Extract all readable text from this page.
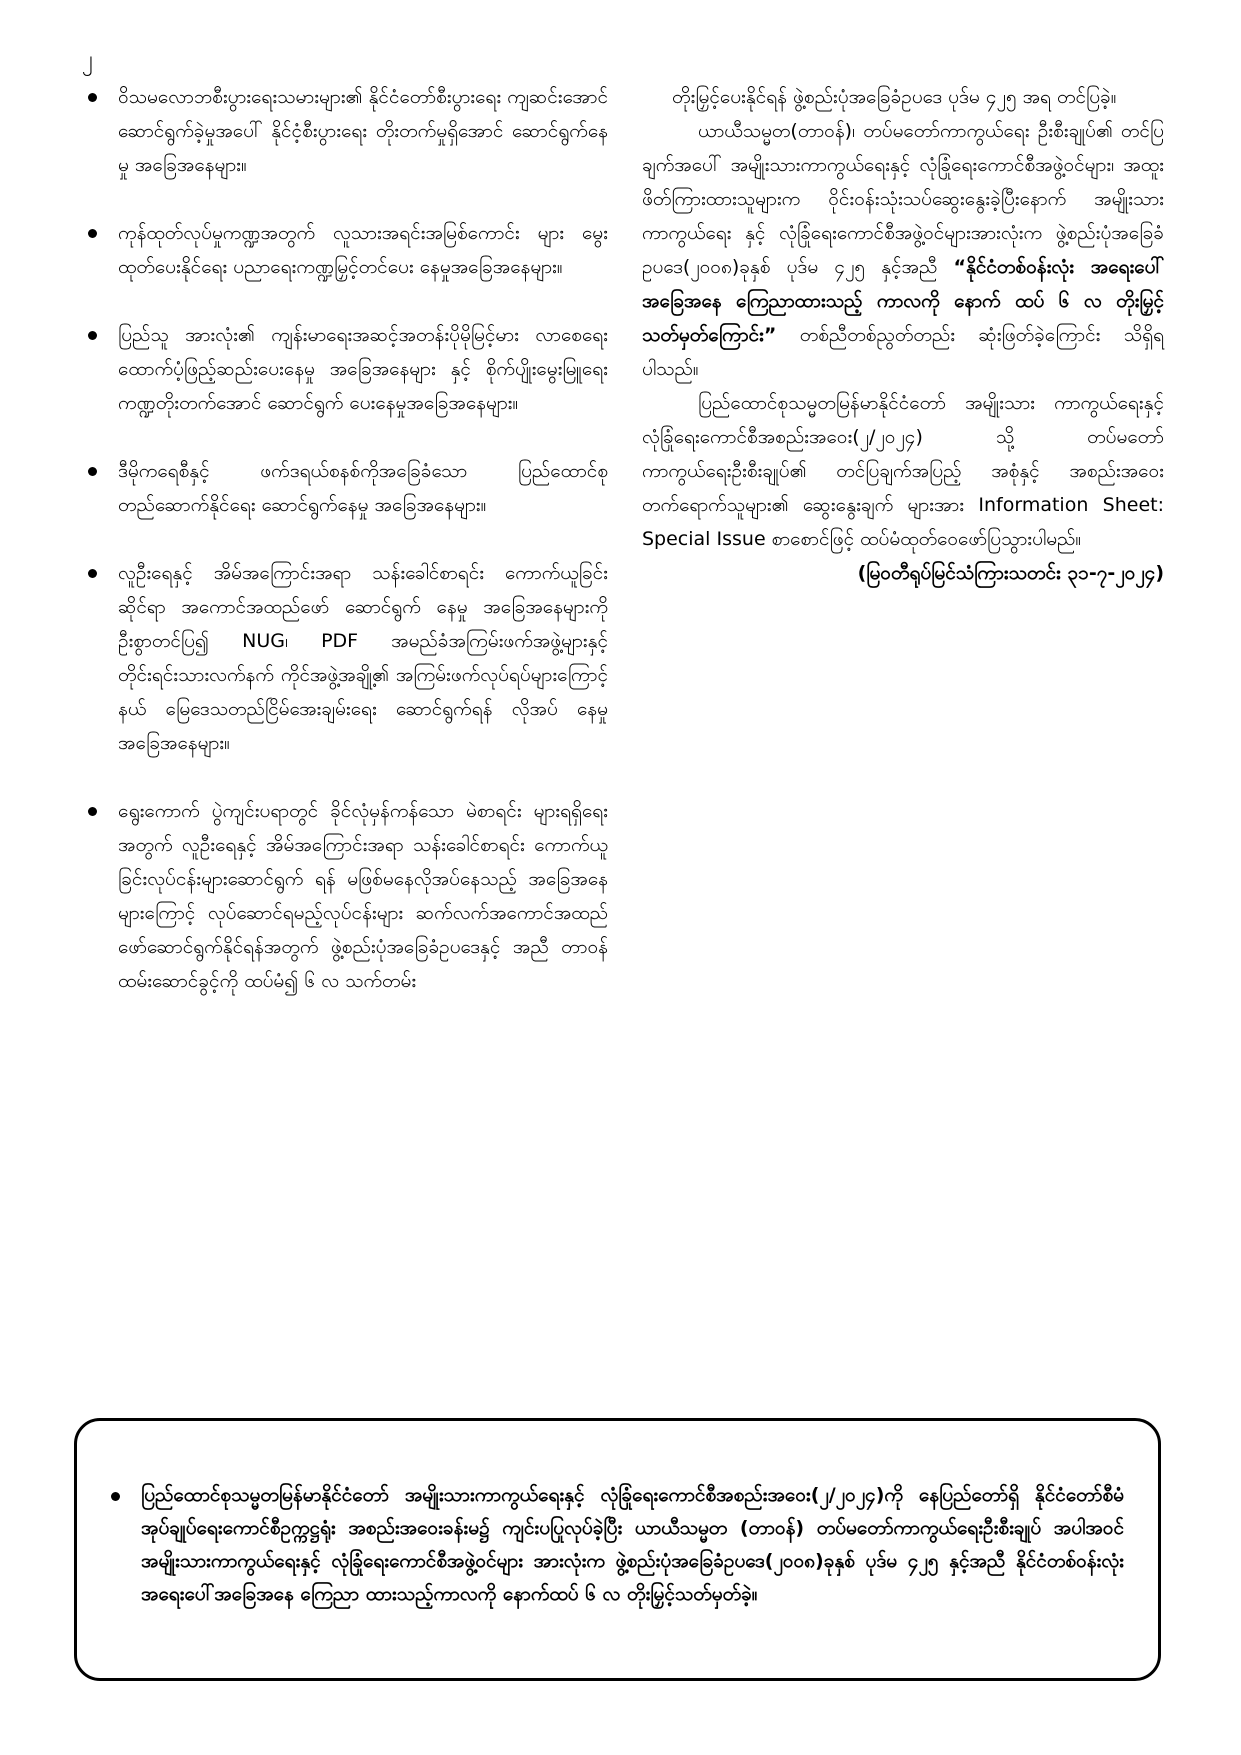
၂
ဝိသမလောဘစီးပွားရေးသမားများ၏ နိုင်ငံတော်စီးပွားရေး ကျဆင်းအောင် ဆောင်ရွက်ခဲ့မှုအပေါ် နိုင်ငံ့စီးပွားရေး တိုးတက်မှုရှိအောင် ဆောင်ရွက်နေမှု အခြေအနေများ။
ကုန်ထုတ်လုပ်မှုကဏ္ဍအတွက် လူသားအရင်းအမြစ်ကောင်း များ မွေးထုတ်ပေးနိုင်ရေး ပညာရေးကဏ္ဍမြှင့်တင်ပေး နေမှုအခြေအနေများ။
ပြည်သူ အားလုံး၏ ကျန်းမာရေးအဆင့်အတန်းပိုမိုမြင့်မား လာစေရေး ထောက်ပံ့ဖြည့်ဆည်းပေးနေမှု အခြေအနေများ နှင့် စိုက်ပျိုးမွေးမြူရေးကဏ္ဍတိုးတက်အောင် ဆောင်ရွက် ပေးနေမှုအခြေအနေများ။
ဒီမိုကရေစီနှင့် ဖက်ဒရယ်စနစ်ကိုအခြေခံသော ပြည်ထောင်စု တည်ဆောက်နိုင်ရေး ဆောင်ရွက်နေမှု အခြေအနေများ။
လူဦးရေနှင့် အိမ်အကြောင်းအရာ သန်းခေါင်စာရင်း ကောက်ယူခြင်းဆိုင်ရာ အကောင်အထည်ဖော် ဆောင်ရွက် နေမှု အခြေအနေများကို ဦးစွာတင်ပြ၍ NUG၊ PDF အမည်ခံအကြမ်းဖက်အဖွဲ့များနှင့် တိုင်းရင်းသားလက်နက် ကိုင်အဖွဲ့အချို့၏ အကြမ်းဖက်လုပ်ရပ်များကြောင့် နယ် မြေဒေသတည်ငြိမ်အေးချမ်းရေး ဆောင်ရွက်ရန် လိုအပ် နေမှုအခြေအနေများ။
ရွေးကောက် ပွဲကျင်းပရာတွင် ခိုင်လုံမှန်ကန်သော မဲစာရင်း များရရှိရေးအတွက် လူဦးရေနှင့် အိမ်အကြောင်းအရာ သန်းခေါင်စာရင်း ကောက်ယူခြင်းလုပ်ငန်းများဆောင်ရွက် ရန် မဖြစ်မနေလိုအပ်နေသည့် အခြေအနေများကြောင့် လုပ်ဆောင်ရမည့်လုပ်ငန်းများ ဆက်လက်အကောင်အထည် ဖော်ဆောင်ရွက်နိုင်ရန်အတွက် ဖွဲ့စည်းပုံအခြေခံဥပဒေနှင့် အညီ တာဝန်ထမ်းဆောင်ခွင့်ကို ထပ်မံ၍ ၆ လ သက်တမ်း

တိုးမြှင့်ပေးနိုင်ရန် ဖွဲ့စည်းပုံအခြေခံဥပဒေ ပုဒ်မ ၄၂၅ အရ တင်ပြခဲ့။

ယာယီသမ္မတ(တာဝန်)၊ တပ်မတော်ကာကွယ်ရေး ဦးစီးချုပ်၏ တင်ပြချက်အပေါ် အမျိုးသားကာကွယ်ရေးနှင့် လုံခြုံရေးကောင်စီအဖွဲ့ဝင်များ၊ အထူးဖိတ်ကြားထားသူများက ဝိုင်းဝန်းသုံးသပ်ဆွေးနွေးခဲ့ပြီးနောက် အမျိုးသားကာကွယ်ရေး နှင့် လုံခြုံရေးကောင်စီအဖွဲ့ဝင်များအားလုံးက ဖွဲ့စည်းပုံအခြေခံ ဥပဒေ(၂၀၀၈)ခုနှစ် ပုဒ်မ ၄၂၅ နှင့်အညီ “နိုင်ငံတစ်ဝန်းလုံး အရေးပေါ်အခြေအနေ ကြေညာထားသည့် ကာလကို နောက် ထပ် ၆ လ တိုးမြှင့်သတ်မှတ်ကြောင်း” တစ်ညီတစ်ညွတ်တည်း ဆုံးဖြတ်ခဲ့ကြောင်း သိရှိရပါသည်။

ပြည်ထောင်စုသမ္မတမြန်မာနိုင်ငံတော် အမျိုးသား ကာကွယ်ရေးနှင့် လုံခြုံရေးကောင်စီအစည်းအဝေး(၂/၂၀၂၄) သို့ တပ်မတော်ကာကွယ်ရေးဦးစီးချုပ်၏ တင်ပြချက်အပြည့် အစုံနှင့် အစည်းအဝေးတက်ရောက်သူများ၏ ဆွေးနွေးချက် များအား Information Sheet: Special Issue စာစောင်ဖြင့် ထပ်မံထုတ်ဝေဖော်ပြသွားပါမည်။

(မြဝတီရုပ်မြင်သံကြားသတင်း ၃၁-၇-၂၀၂၄)

ပြည်ထောင်စုသမ္မတမြန်မာနိုင်ငံတော် အမျိုးသားကာကွယ်ရေးနှင့် လုံခြုံရေးကောင်စီအစည်းအဝေး(၂/၂၀၂၄)ကို နေပြည်တော်ရှိ နိုင်ငံတော်စီမံအုပ်ချုပ်ရေးကောင်စီဥက္ကဋ္ဌရုံး အစည်းအဝေးခန်းမ၌ ကျင်းပပြုလုပ်ခဲ့ပြီး ယာယီသမ္မတ (တာဝန်) တပ်မတော်ကာကွယ်ရေးဦးစီးချုပ် အပါအဝင် အမျိုးသားကာကွယ်ရေးနှင့် လုံခြုံရေးကောင်စီအဖွဲ့ဝင်များ အားလုံးက ဖွဲ့စည်းပုံအခြေခံဥပဒေ(၂၀၀၈)ခုနှစ် ပုဒ်မ ၄၂၅ နှင့်အညီ နိုင်ငံတစ်ဝန်းလုံးအရေးပေါ်အခြေအနေ ကြေညာ ထားသည့်ကာလကို နောက်ထပ် ၆ လ တိုးမြှင့်သတ်မှတ်ခဲ့။
